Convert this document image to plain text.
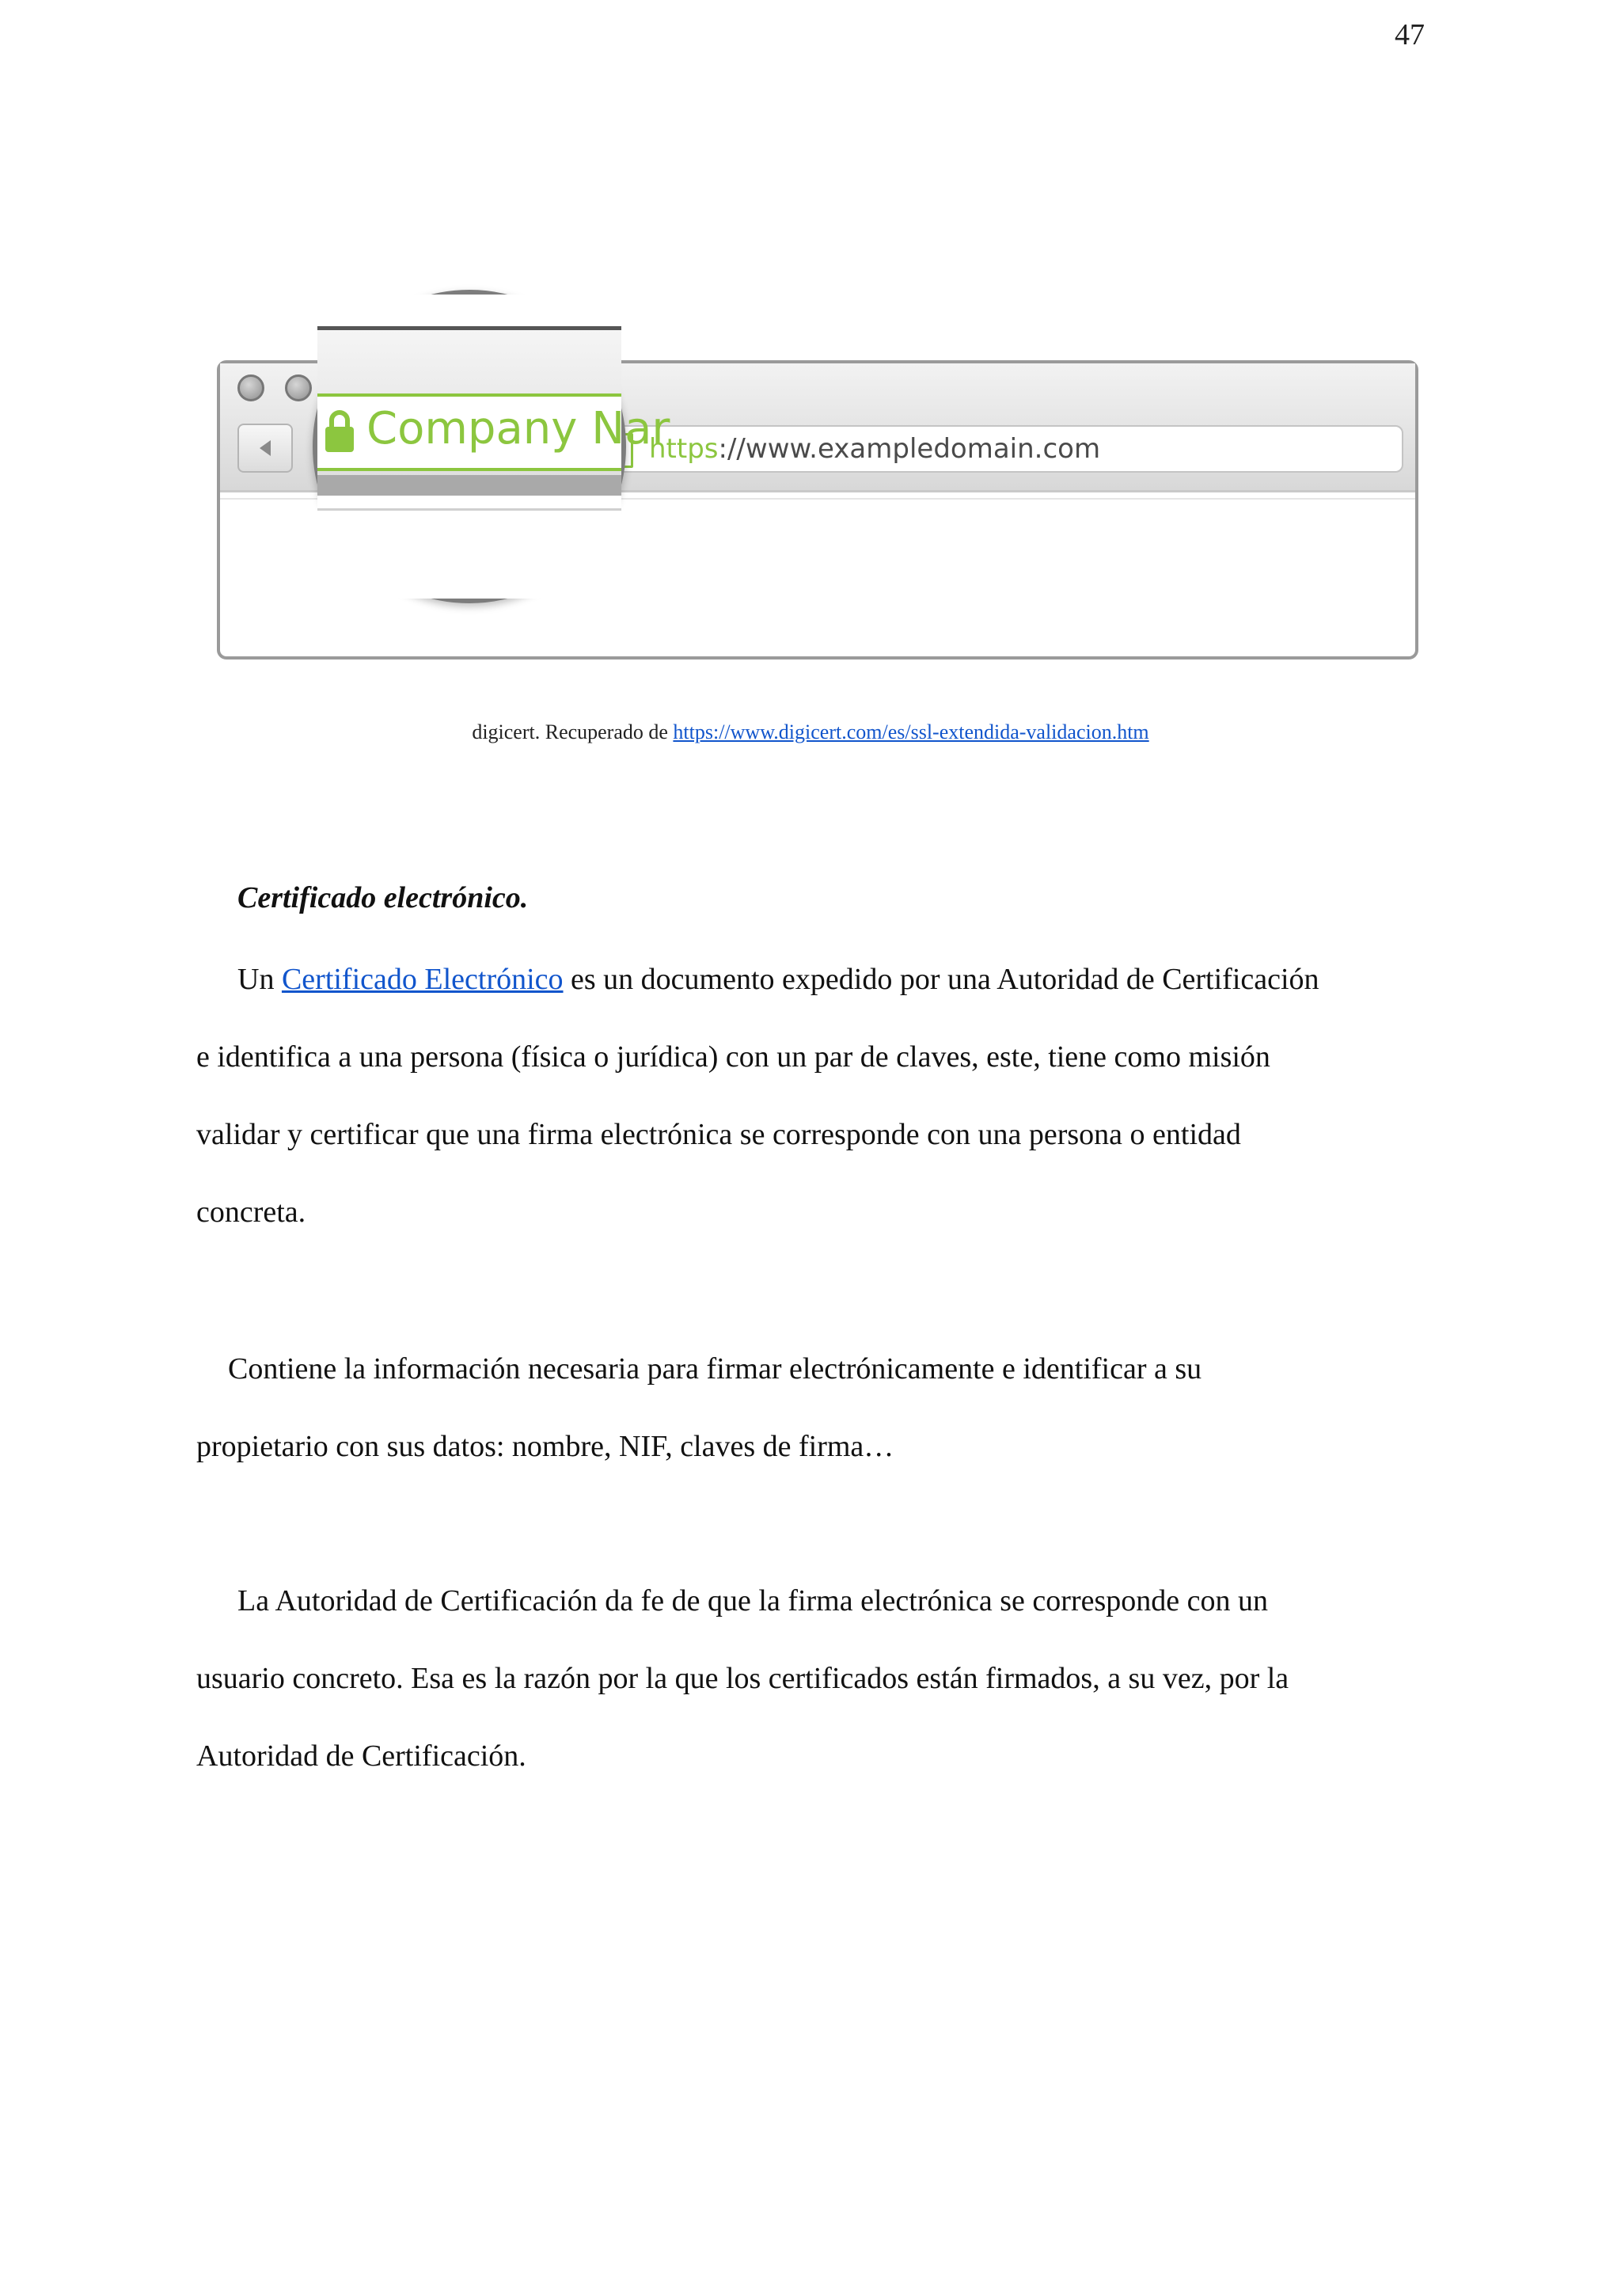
47
https://www.exampledomain.com
Company Nar
digicert. Recuperado de https://www.digicert.com/es/ssl-extendida-validacion.htm
Certificado electrónico.

Un Certificado Electrónico es un documento expedido por una Autoridad de Certificación
e identifica a una persona (física o jurídica) con un par de claves, este, tiene como misión
validar y certificar que una firma electrónica se corresponde con una persona o entidad
concreta.

Contiene la información necesaria para firmar electrónicamente e identificar a su
propietario con sus datos: nombre, NIF, claves de firma…

La Autoridad de Certificación da fe de que la firma electrónica se corresponde con un
usuario concreto. Esa es la razón por la que los certificados están firmados, a su vez, por la
Autoridad de Certificación.
